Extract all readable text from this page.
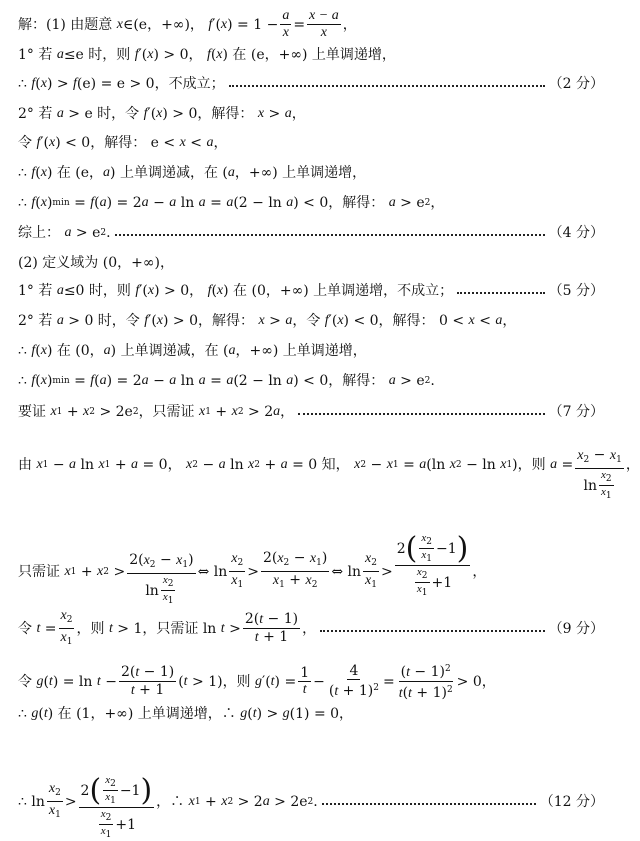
解：(1) 由题意 x ∈(e，+∞)， f ′( x ) = $1 - \frac{a}{x} = \frac{x - a}{x}$ ，
1° 若 a ≤e 时，则 f ′( x ) > 0， f ( x ) 在 (e，+∞) 上单调递增，
∴ f ( x ) > f (e) = e > 0，不成立；	（2 分）
2° 若 a > e 时，令 f ′( x ) > 0，解得： x > a ，
令 f ′( x ) < 0，解得： e < x < a ，
∴ f ( x ) 在 (e， a ) 上单调递减，在 ( a ，+∞) 上单调递增，
∴ f ( x ) min = f ( a ) = 2 a − a ln a = a (2 − ln a ) < 0，解得： a > e 2 ，
综上： a > e 2 .	（4 分）
(2) 定义域为 (0，+∞)，
1° 若 a ≤0 时，则 f ′( x ) > 0， f ( x ) 在 (0，+∞) 上单调递增，不成立；	（5 分）
2° 若 a > 0 时，令 f ′( x ) > 0，解得： x > a ，令 f ′( x ) < 0，解得： 0 < x < a ，
∴ f ( x ) 在 (0， a ) 上单调递减，在 ( a ，+∞) 上单调递增，
∴ f ( x ) min = f ( a ) = 2 a − a ln a = a (2 − ln a ) < 0，解得： a > e 2 .
要证 x 1 + x 2 > 2e 2 ，只需证 x 1 + x 2 > 2 a ，	（7 分）
由 x 1 − a ln x 1 + a = 0， x 2 − a ln x 2 + a = 0 知， x 2 − x 1 = a (ln x 2 − ln x 1 )，则 $a = \frac{x_2 - x_1}{\ln \frac{x_2}{x_1}}$ ，
只需证 x 1 + x $2 > \frac{2(x_2 - x_1)}{\ln \frac{x_2}{x_1}}$ ⇔ $\ln \frac{x_2}{x_1} > \frac{2(x_2 - x_1)}{x_1 + x_2}$ ⇔ $\ln \frac{x_2}{x_1} > \frac{2 ( \frac{x_2}{x_1} -1 )}{\frac{x_2}{x_1} +1}$ ，
令 $t = \frac{x_2}{x_1}$ ，则 t > 1，只需证 $\ln t > \frac{2(t - 1)}{t + 1}$ ，	（9 分）
令 g ( t ) = $\ln t - \frac{2(t - 1)}{t + 1}$ ( t > 1)，则 g ′( t ) = $\frac{1}{t} - \frac{4}{(t + 1)^2} = \frac{(t - 1)^2}{t(t + 1)^2} > 0$，
∴ g ( t ) 在 (1，+∞) 上单调递增，∴ g ( t ) > g (1) = 0，
∴ $\ln \frac{x_2}{x_1} > \frac{2 ( \frac{x_2}{x_1} -1 )}{\frac{x_2}{x_1} +1}$ ，∴ x 1 + x 2 > 2 a > 2e 2 .	（12 分）
